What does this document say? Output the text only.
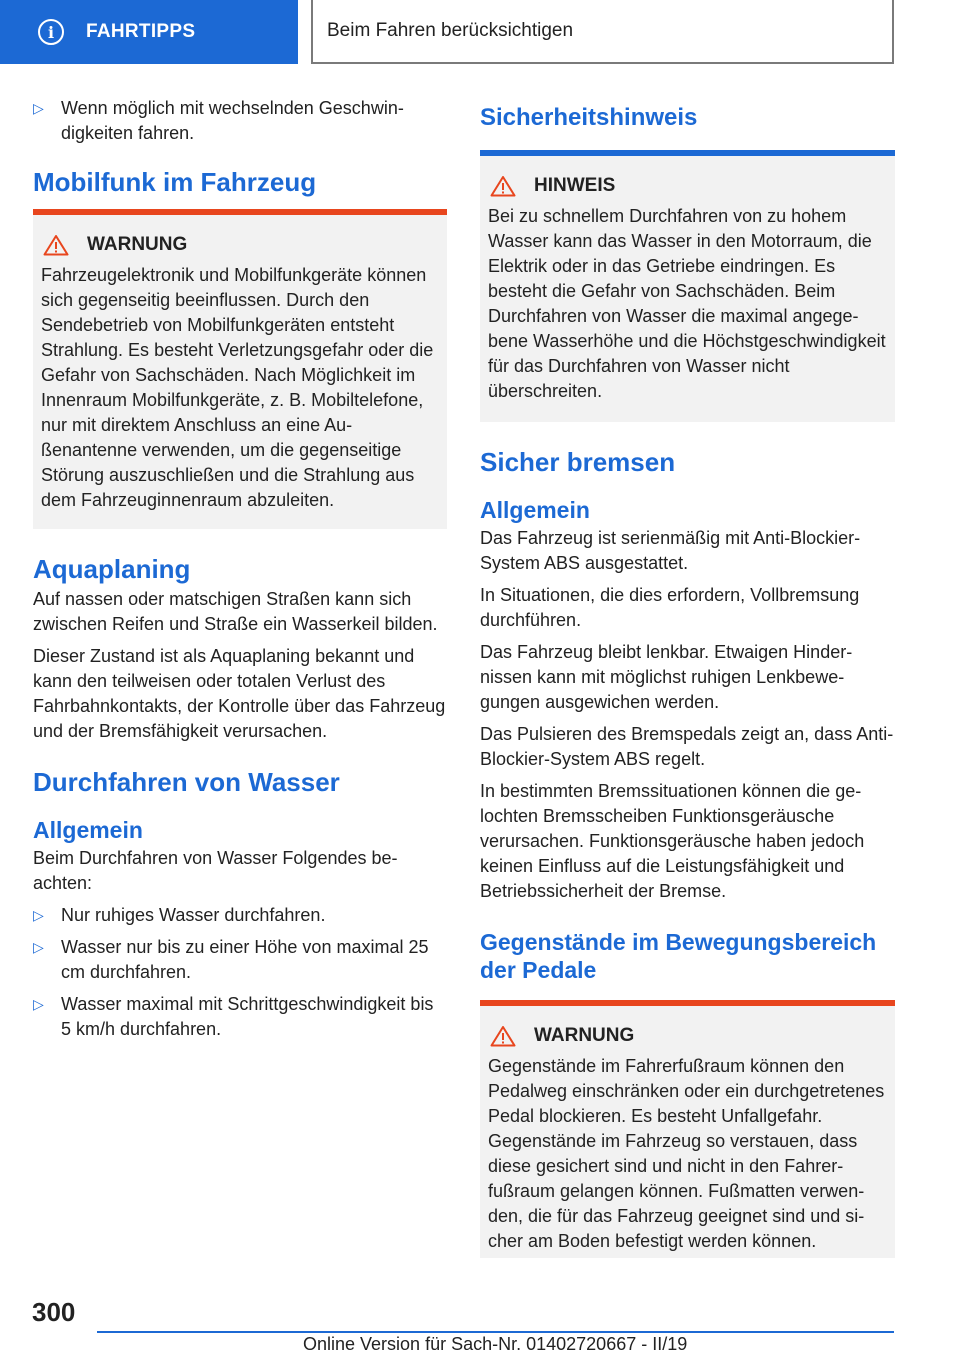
i	FAHRTIPPS	Beim Fahren berücksichtigen
▷ Wenn möglich mit wechselnden Geschwindigkeiten fahren.
Mobilfunk im Fahrzeug
WARNUNG

Fahrzeugelektronik und Mobilfunkgeräte können sich gegenseitig beeinflussen. Durch den Sendebetrieb von Mobilfunkgeräten entsteht Strahlung. Es besteht Verletzungsgefahr oder die Gefahr von Sachschäden. Nach Möglichkeit im Innenraum Mobilfunkgeräte, z. B. Mobiltelefone, nur mit direktem Anschluss an eine Außenantenne verwenden, um die gegenseitige Störung auszuschließen und die Strahlung aus dem Fahrzeuginnenraum abzuleiten.

Aquaplaning

Auf nassen oder matschigen Straßen kann sich zwischen Reifen und Straße ein Wasserkeil bilden.

Dieser Zustand ist als Aquaplaning bekannt und kann den teilweisen oder totalen Verlust des Fahrbahnkontakts, der Kontrolle über das Fahrzeug und der Bremsfähigkeit verursachen.

Durchfahren von Wasser
Allgemein

Beim Durchfahren von Wasser Folgendes beachten:

▷ Nur ruhiges Wasser durchfahren.
▷ Wasser nur bis zu einer Höhe von maximal 25 cm durchfahren.
▷ Wasser maximal mit Schrittgeschwindigkeit bis 5 km/h durchfahren.
Sicherheitshinweis
HINWEIS

Bei zu schnellem Durchfahren von zu hohem Wasser kann das Wasser in den Motorraum, die Elektrik oder in das Getriebe eindringen. Es besteht die Gefahr von Sachschäden. Beim Durchfahren von Wasser die maximal angegebene Wasserhöhe und die Höchstgeschwindigkeit für das Durchfahren von Wasser nicht überschreiten.

Sicher bremsen
Allgemein

Das Fahrzeug ist serienmäßig mit Anti-Blockier-System ABS ausgestattet.

In Situationen, die dies erfordern, Vollbremsung durchführen.

Das Fahrzeug bleibt lenkbar. Etwaigen Hindernissen kann mit möglichst ruhigen Lenkbewegungen ausgewichen werden.

Das Pulsieren des Bremspedals zeigt an, dass Anti-Blockier-System ABS regelt.

In bestimmten Bremssituationen können die gelochten Bremsscheiben Funktionsgeräusche verursachen. Funktionsgeräusche haben jedoch keinen Einfluss auf die Leistungsfähigkeit und Betriebssicherheit der Bremse.

Gegenstände im Bewegungsbereich der Pedale
WARNUNG

Gegenstände im Fahrerfußraum können den Pedalweg einschränken oder ein durchgetretenes Pedal blockieren. Es besteht Unfallgefahr. Gegenstände im Fahrzeug so verstauen, dass diese gesichert sind und nicht in den Fahrerfußraum gelangen können. Fußmatten verwenden, die für das Fahrzeug geeignet sind und sicher am Boden befestigt werden können.

300
Online Version für Sach-Nr. 01402720667 - II/19
